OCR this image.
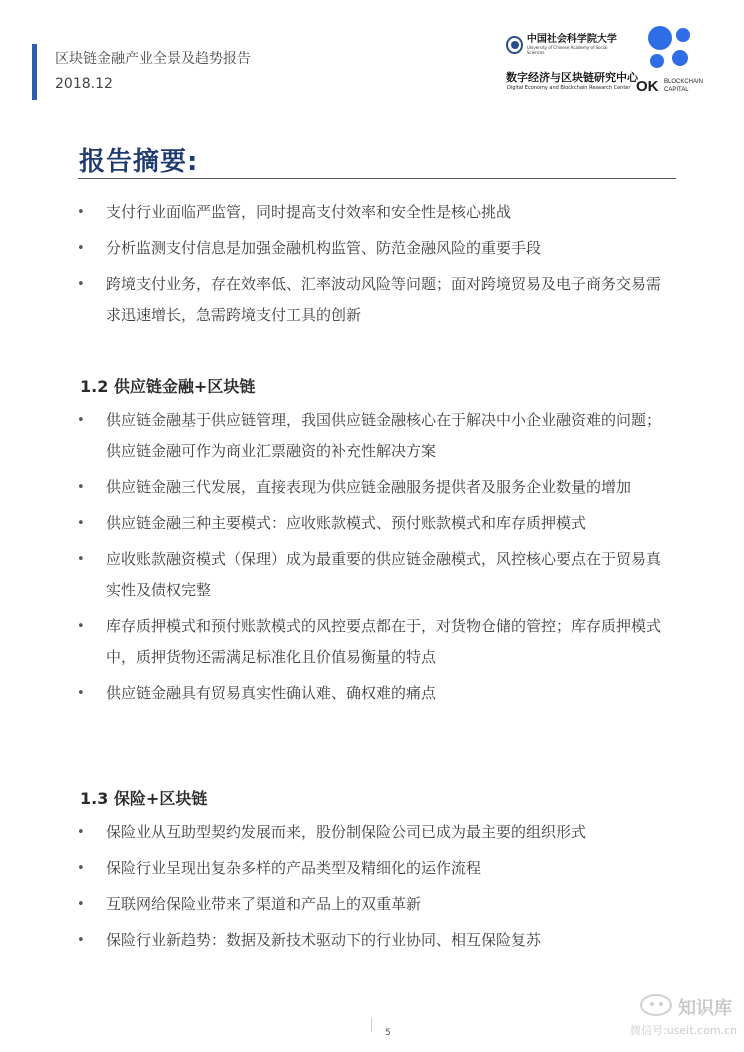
区块链金融产业全景及趋势报告
2018.12
中国社会科学院大学
University of Chinese Academy of Social Sciences
数字经济与区块链研究中心
Digital Economy and Blockchain Research Center OK BLOCKCHAIN
CAPITAL
报告摘要:
• 支付行业面临严监管，同时提高支付效率和安全性是核心挑战
• 分析监测支付信息是加强金融机构监管、防范金融风险的重要手段
• 跨境支付业务，存在效率低、汇率波动风险等问题；面对跨境贸易及电子商务交易需求迅速增长，急需跨境支付工具的创新
1.2 供应链金融+区块链
• 供应链金融基于供应链管理，我国供应链金融核心在于解决中小企业融资难的问题；供应链金融可作为商业汇票融资的补充性解决方案
• 供应链金融三代发展，直接表现为供应链金融服务提供者及服务企业数量的增加
• 供应链金融三种主要模式：应收账款模式、预付账款模式和库存质押模式
• 应收账款融资模式（保理）成为最重要的供应链金融模式，风控核心要点在于贸易真实性及债权完整
• 库存质押模式和预付账款模式的风控要点都在于，对货物仓储的管控；库存质押模式中，质押货物还需满足标准化且价值易衡量的特点
• 供应链金融具有贸易真实性确认难、确权难的痛点
1.3 保险+区块链
• 保险业从互助型契约发展而来，股份制保险公司已成为最主要的组织形式
• 保险行业呈现出复杂多样的产品类型及精细化的运作流程
• 互联网给保险业带来了渠道和产品上的双重革新
• 保险行业新趋势：数据及新技术驱动下的行业协同、相互保险复苏
5
知识库
微信号:useit.com.cn
